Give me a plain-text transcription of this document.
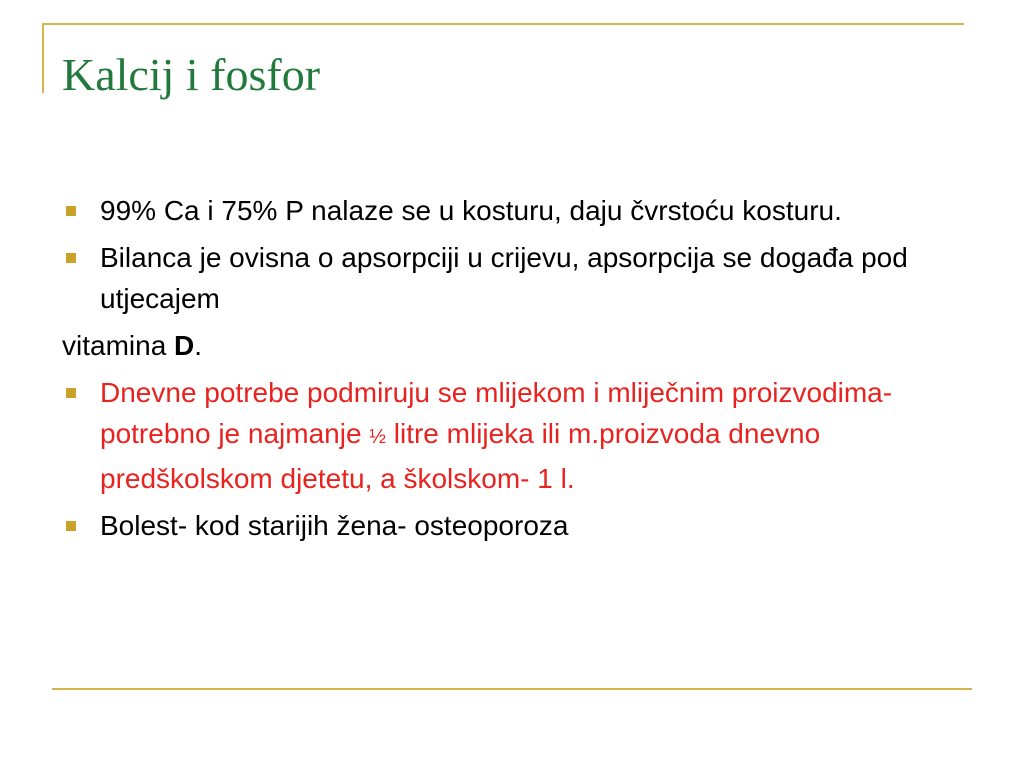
Kalcij i fosfor
99% Ca i 75% P nalaze se u kosturu, daju čvrstoću kosturu.
Bilanca je ovisna o apsorpciji u crijevu, apsorpcija se događa pod utjecajem
vitamina D.
Dnevne potrebe podmiruju se mlijekom i mliječnim proizvodima- potrebno je najmanje ½ litre mlijeka ili m.proizvoda dnevno predškolskom djetetu, a školskom- 1 l.
Bolest- kod starijih žena- osteoporoza
